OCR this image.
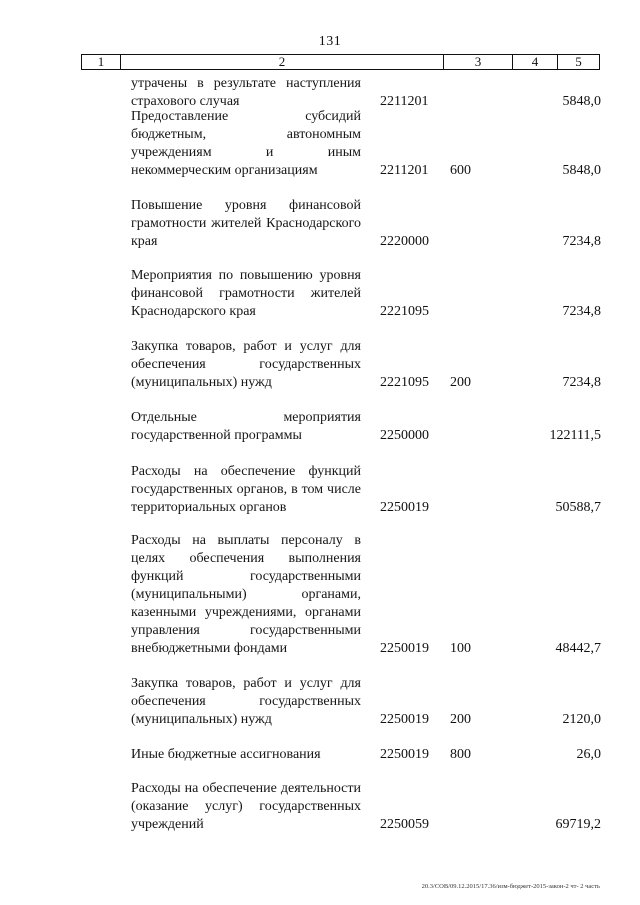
131
1	2	3	4	5
утрачены в результате наступления страхового случая	2211201	5848,0
Предоставление субсидий бюджетным, автономным учреждениям и иным некоммерческим организациям	2211201 600	5848,0
Повышение уровня финансовой грамотности жителей Краснодарского края	2220000	7234,8
Мероприятия по повышению уровня финансовой грамотности жителей Краснодарского края	2221095	7234,8
Закупка товаров, работ и услуг для обеспечения государственных (муниципальных) нужд	2221095 200	7234,8
Отдельные мероприятия государственной программы	2250000	122111,5
Расходы на обеспечение функций государственных органов, в том числе территориальных органов	2250019	50588,7
Расходы на выплаты персоналу в целях обеспечения выполнения функций государственными (муниципальными) органами, казенными учреждениями, органами управления государственными внебюджетными фондами	2250019 100	48442,7
Закупка товаров, работ и услуг для обеспечения государственных (муниципальных) нужд	2250019 200	2120,0
Иные бюджетные ассигнования	2250019 800	26,0
Расходы на обеспечение деятельности (оказание услуг) государственных учреждений	2250059	69719,2
20.3/СОВ/09.12.2015/17.36/изм-бюджет-2015-закон-2 чт- 2 часть
